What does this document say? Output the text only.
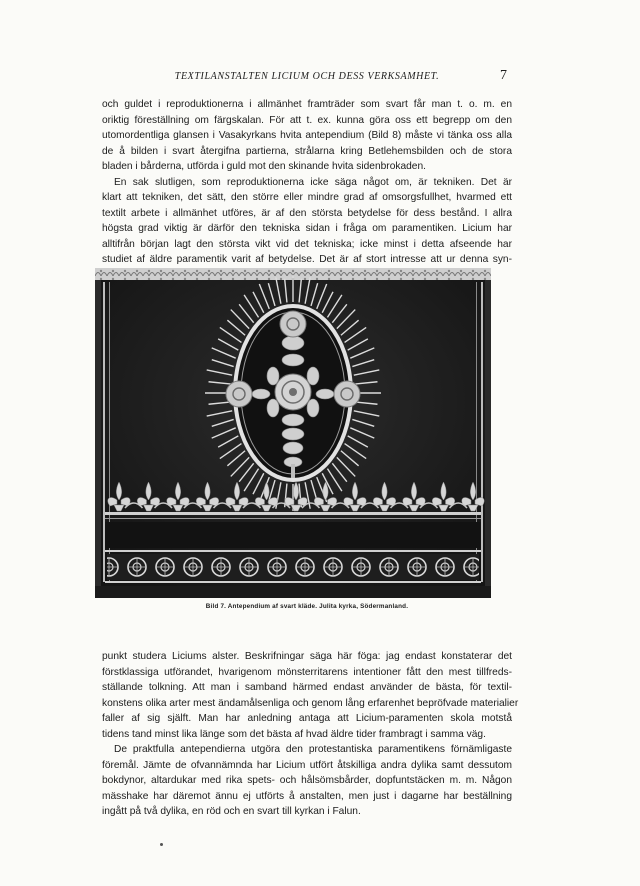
TEXTILANSTALTEN LICIUM OCH DESS VERKSAMHET.	7
och guldet i reproduktionerna i allmänhet framträder som svart får man t. o. m. en
oriktig föreställning om färgskalan. För att t. ex. kunna göra oss ett begrepp om den
utomordentliga glansen i Vasakyrkans hvita antependium (Bild 8) måste vi tänka oss alla
de å bilden i svart återgifna partierna, strålarna kring Betlehemsbilden och de stora
bladen i bårderna, utförda i guld mot den skinande hvita sidenbrokaden.
En sak slutligen, som reproduktionerna icke säga något om, är tekniken. Det är
klart att tekniken, det sätt, den större eller mindre grad af omsorgsfullhet, hvarmed ett
textilt arbete i allmänhet utföres, är af den största betydelse för dess bestånd. I allra
högsta grad viktig är därför den tekniska sidan i fråga om paramentiken. Licium har
alltifrån början lagt den största vikt vid det tekniska; icke minst i detta afseende har
studiet af äldre paramentik varit af betydelse. Det är af stort intresse att ur denna syn-
Bild 7. Antependium af svart kläde. Julita kyrka, Södermanland.
punkt studera Liciums alster. Beskrifningar säga här föga: jag endast konstaterar det
förstklassiga utförandet, hvarigenom mönsterritarens intentioner fått den mest tillfreds-
ställande tolkning. Att man i samband härmed endast använder de bästa, för textil-
konstens olika arter mest ändamålsenliga och genom lång erfarenhet bepröfvade materialier
faller af sig själft. Man har anledning antaga att Licium-paramenten skola motstå
tidens tand minst lika länge som det bästa af hvad äldre tider frambragt i samma väg.
De praktfulla antependierna utgöra den protestantiska paramentikens förnämligaste
föremål. Jämte de ofvannämnda har Licium utfört åtskilliga andra dylika samt dessutom
bokdynor, altardukar med rika spets- och hålsömsbårder, dopfuntstäcken m. m. Någon
mässhake har däremot ännu ej utförts å anstalten, men just i dagarne har beställning
ingått på två dylika, en röd och en svart till kyrkan i Falun.
